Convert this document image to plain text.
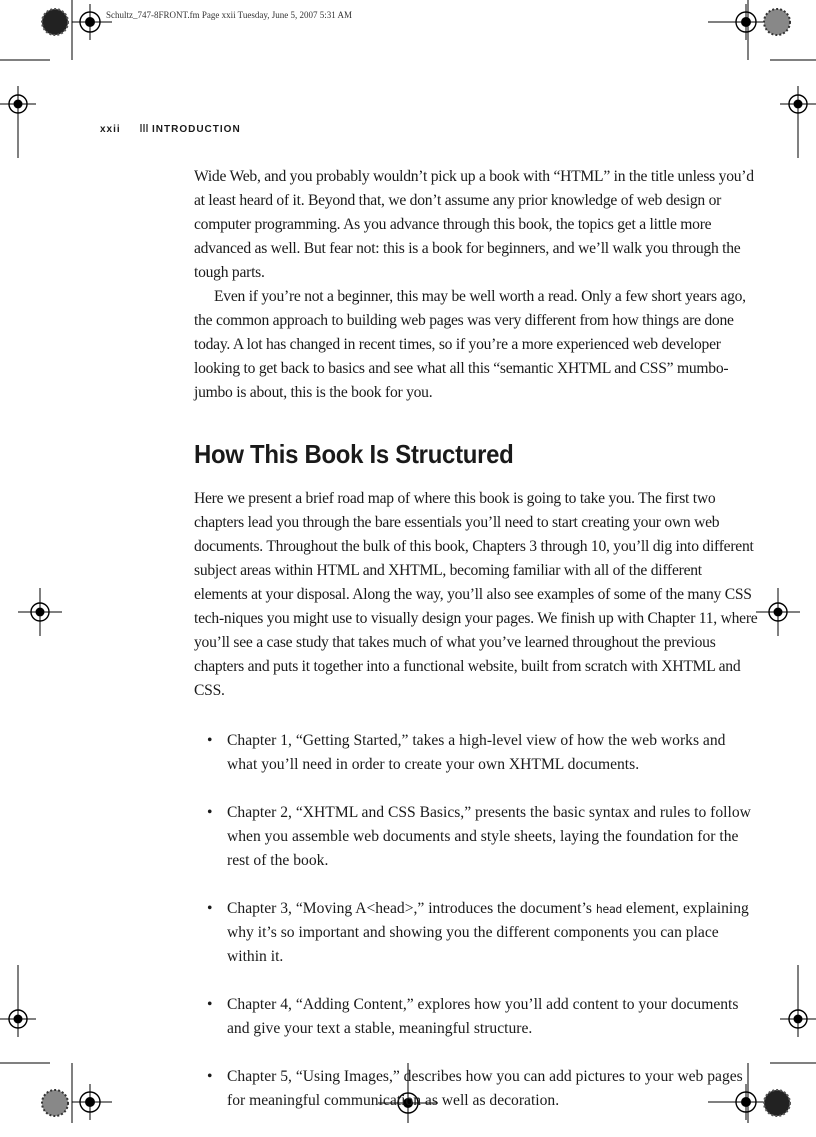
Schultz_747-8FRONT.fm Page xxii Tuesday, June 5, 2007 5:31 AM
xxii	INTRODUCTION

Wide Web, and you probably wouldn’t pick up a book with “HTML” in the title unless you’d at least heard of it. Beyond that, we don’t assume any prior knowledge of web design or computer programming. As you advance through this book, the topics get a little more advanced as well. But fear not: this is a book for beginners, and we’ll walk you through the tough parts.

Even if you’re not a beginner, this may be well worth a read. Only a few short years ago, the common approach to building web pages was very different from how things are done today. A lot has changed in recent times, so if you’re a more experienced web developer looking to get back to basics and see what all this “semantic XHTML and CSS” mumbo-jumbo is about, this is the book for you.

How This Book Is Structured

Here we present a brief road map of where this book is going to take you. The first two chapters lead you through the bare essentials you’ll need to start creating your own web documents. Throughout the bulk of this book, Chapters 3 through 10, you’ll dig into different subject areas within HTML and XHTML, becoming familiar with all of the different elements at your disposal. Along the way, you’ll also see examples of some of the many CSS tech-niques you might use to visually design your pages. We finish up with Chapter 11, where you’ll see a case study that takes much of what you’ve learned throughout the previous chapters and puts it together into a functional website, built from scratch with XHTML and CSS.

• Chapter 1, “Getting Started,” takes a high-level view of how the web works and what you’ll need in order to create your own XHTML documents.
• Chapter 2, “XHTML and CSS Basics,” presents the basic syntax and rules to follow when you assemble web documents and style sheets, laying the foundation for the rest of the book.
• Chapter 3, “Moving A<head>,” introduces the document’s head element, explaining why it’s so important and showing you the different components you can place within it.
• Chapter 4, “Adding Content,” explores how you’ll add content to your documents and give your text a stable, meaningful structure.
• Chapter 5, “Using Images,” describes how you can add pictures to your web pages for meaningful communication as well as decoration.
